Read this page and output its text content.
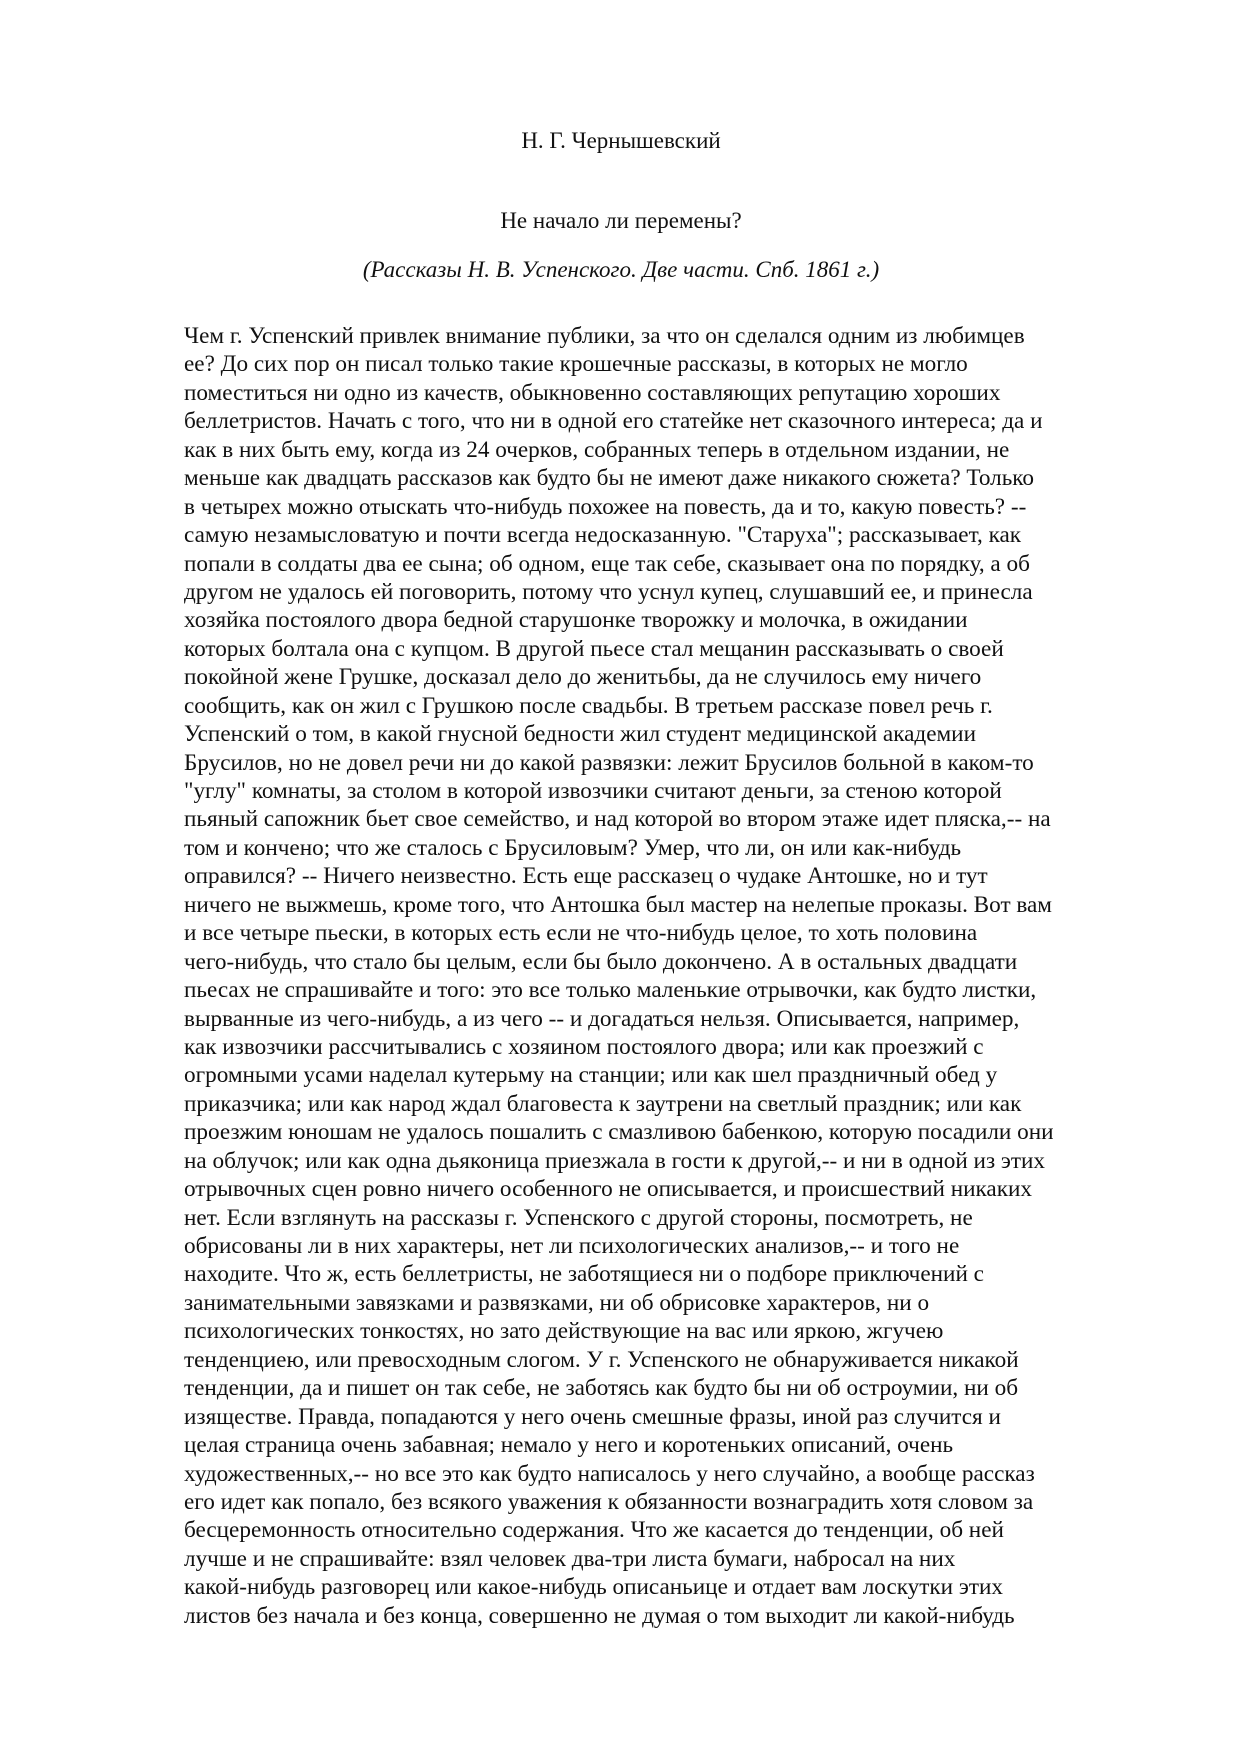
Н. Г. Чернышевский
Не начало ли перемены?
(Рассказы Н. В. Успенского. Две части. Спб. 1861 г.)
Чем г. Успенский привлек внимание публики, за что он сделался одним из любимцев
ее? До сих пор он писал только такие крошечные рассказы, в которых не могло
поместиться ни одно из качеств, обыкновенно составляющих репутацию хороших
беллетристов. Начать с того, что ни в одной его статейке нет сказочного интереса; да и
как в них быть ему, когда из 24 очерков, собранных теперь в отдельном издании, не
меньше как двадцать рассказов как будто бы не имеют даже никакого сюжета? Только
в четырех можно отыскать что-нибудь похожее на повесть, да и то, какую повесть? --
самую незамысловатую и почти всегда недосказанную. "Старуха"; рассказывает, как
попали в солдаты два ее сына; об одном, еще так себе, сказывает она по порядку, а об
другом не удалось ей поговорить, потому что уснул купец, слушавший ее, и принесла
хозяйка постоялого двора бедной старушонке творожку и молочка, в ожидании
которых болтала она с купцом. В другой пьесе стал мещанин рассказывать о своей
покойной жене Грушке, досказал дело до женитьбы, да не случилось ему ничего
сообщить, как он жил с Грушкою после свадьбы. В третьем рассказе повел речь г.
Успенский о том, в какой гнусной бедности жил студент медицинской академии
Брусилов, но не довел речи ни до какой развязки: лежит Брусилов больной в каком-то
"углу" комнаты, за столом в которой извозчики считают деньги, за стеною которой
пьяный сапожник бьет свое семейство, и над которой во втором этаже идет пляска,-- на
том и кончено; что же сталось с Брусиловым? Умер, что ли, он или как-нибудь
оправился? -- Ничего неизвестно. Есть еще рассказец о чудаке Антошке, но и тут
ничего не выжмешь, кроме того, что Антошка был мастер на нелепые проказы. Вот вам
и все четыре пьески, в которых есть если не что-нибудь целое, то хоть половина
чего-нибудь, что стало бы целым, если бы было докончено. А в остальных двадцати
пьесах не спрашивайте и того: это все только маленькие отрывочки, как будто листки,
вырванные из чего-нибудь, а из чего -- и догадаться нельзя. Описывается, например,
как извозчики рассчитывались с хозяином постоялого двора; или как проезжий с
огромными усами наделал кутерьму на станции; или как шел праздничный обед у
приказчика; или как народ ждал благовеста к заутрени на светлый праздник; или как
проезжим юношам не удалось пошалить с смазливою бабенкою, которую посадили они
на облучок; или как одна дьяконица приезжала в гости к другой,-- и ни в одной из этих
отрывочных сцен ровно ничего особенного не описывается, и происшествий никаких
нет. Если взглянуть на рассказы г. Успенского с другой стороны, посмотреть, не
обрисованы ли в них характеры, нет ли психологических анализов,-- и того не
находите. Что ж, есть беллетристы, не заботящиеся ни о подборе приключений с
занимательными завязками и развязками, ни об обрисовке характеров, ни о
психологических тонкостях, но зато действующие на вас или яркою, жгучею
тенденциею, или превосходным слогом. У г. Успенского не обнаруживается никакой
тенденции, да и пишет он так себе, не заботясь как будто бы ни об остроумии, ни об
изяществе. Правда, попадаются у него очень смешные фразы, иной раз случится и
целая страница очень забавная; немало у него и коротеньких описаний, очень
художественных,-- но все это как будто написалось у него случайно, а вообще рассказ
его идет как попало, без всякого уважения к обязанности вознаградить хотя словом за
бесцеремонность относительно содержания. Что же касается до тенденции, об ней
лучше и не спрашивайте: взял человек два-три листа бумаги, набросал на них
какой-нибудь разговорец или какое-нибудь описаньице и отдает вам лоскутки этих
листов без начала и без конца, совершенно не думая о том выходит ли какой-нибудь
